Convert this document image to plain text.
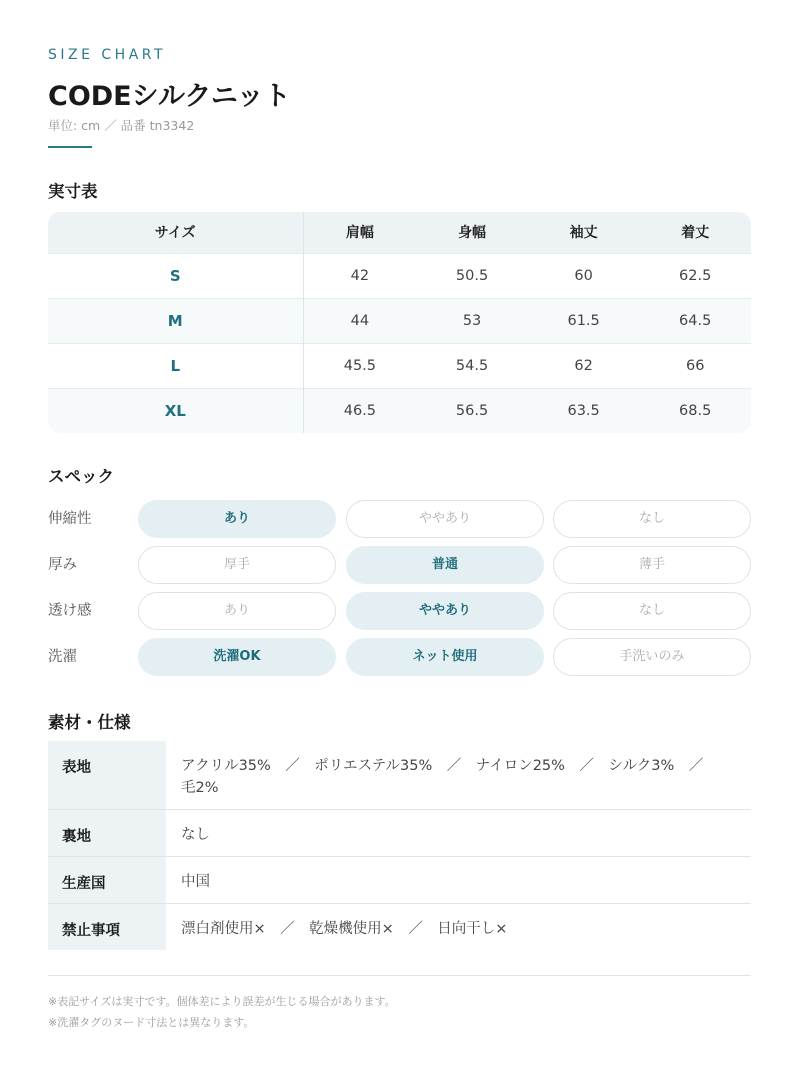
SIZE CHART
CODEシルクニット
単位: cm ／ 品番 tn3342
実寸表
サイズ	肩幅	身幅	袖丈	着丈
S	42	50.5	60	62.5
M	44	53	61.5	64.5
L	45.5	54.5	62	66
XL	46.5	56.5	63.5	68.5
スペック
伸縮性	あり	ややあり	なし
厚み	厚手	普通	薄手
透け感	あり	ややあり	なし
洗濯	洗濯OK	ネット使用	手洗いのみ
素材・仕様
表地	アクリル35%　／　ポリエステル35%　／　ナイロン25%　／　シルク3%　／　毛2%
裏地	なし
生産国	中国
禁止事項	漂白剤使用×　／　乾燥機使用×　／　日向干し×
※表記サイズは実寸です。個体差により誤差が生じる場合があります。
※洗濯タグのヌード寸法とは異なります。
